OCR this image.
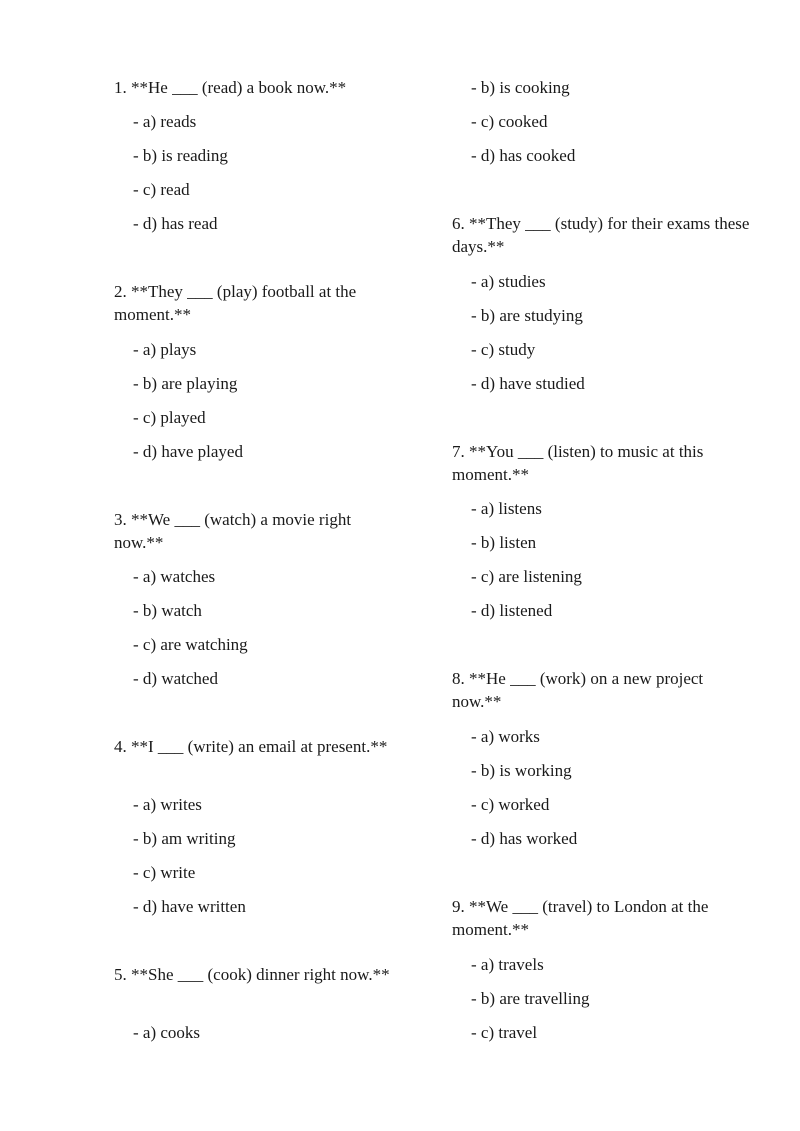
1. **He ___ (read) a book now.**
- a) reads
- b) is reading
- c) read
- d) has read
2. **They ___ (play) football at the moment.**
- a) plays
- b) are playing
- c) played
- d) have played
3. **We ___ (watch) a movie right now.**
- a) watches
- b) watch
- c) are watching
- d) watched
4. **I ___ (write) an email at present.**
- a) writes
- b) am writing
- c) write
- d) have written
5. **She ___ (cook) dinner right now.**
- a) cooks
- b) is cooking
- c) cooked
- d) has cooked
6. **They ___ (study) for their exams these days.**
- a) studies
- b) are studying
- c) study
- d) have studied
7. **You ___ (listen) to music at this moment.**
- a) listens
- b) listen
- c) are listening
- d) listened
8. **He ___ (work) on a new project now.**
- a) works
- b) is working
- c) worked
- d) has worked
9. **We ___ (travel) to London at the moment.**
- a) travels
- b) are travelling
- c) travel
